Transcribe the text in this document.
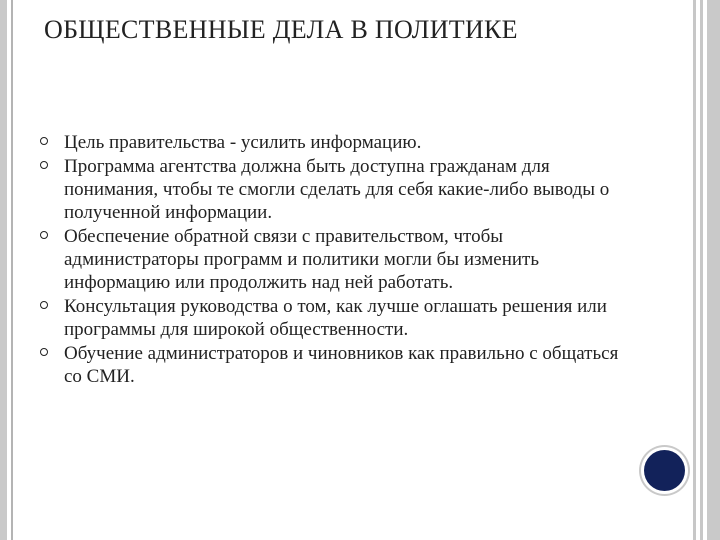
ОБЩЕСТВЕННЫЕ ДЕЛА В ПОЛИТИКЕ
Цель правительства - усилить информацию.
Программа агентства должна быть доступна гражданам для понимания, чтобы те смогли сделать для себя какие-либо выводы о полученной информации.
Обеспечение обратной связи с правительством, чтобы администраторы программ и политики могли бы изменить информацию или продолжить над ней работать.
Консультация руководства о том, как лучше оглашать решения или программы для широкой общественности.
Обучение администраторов и чиновников как правильно с общаться со СМИ.
